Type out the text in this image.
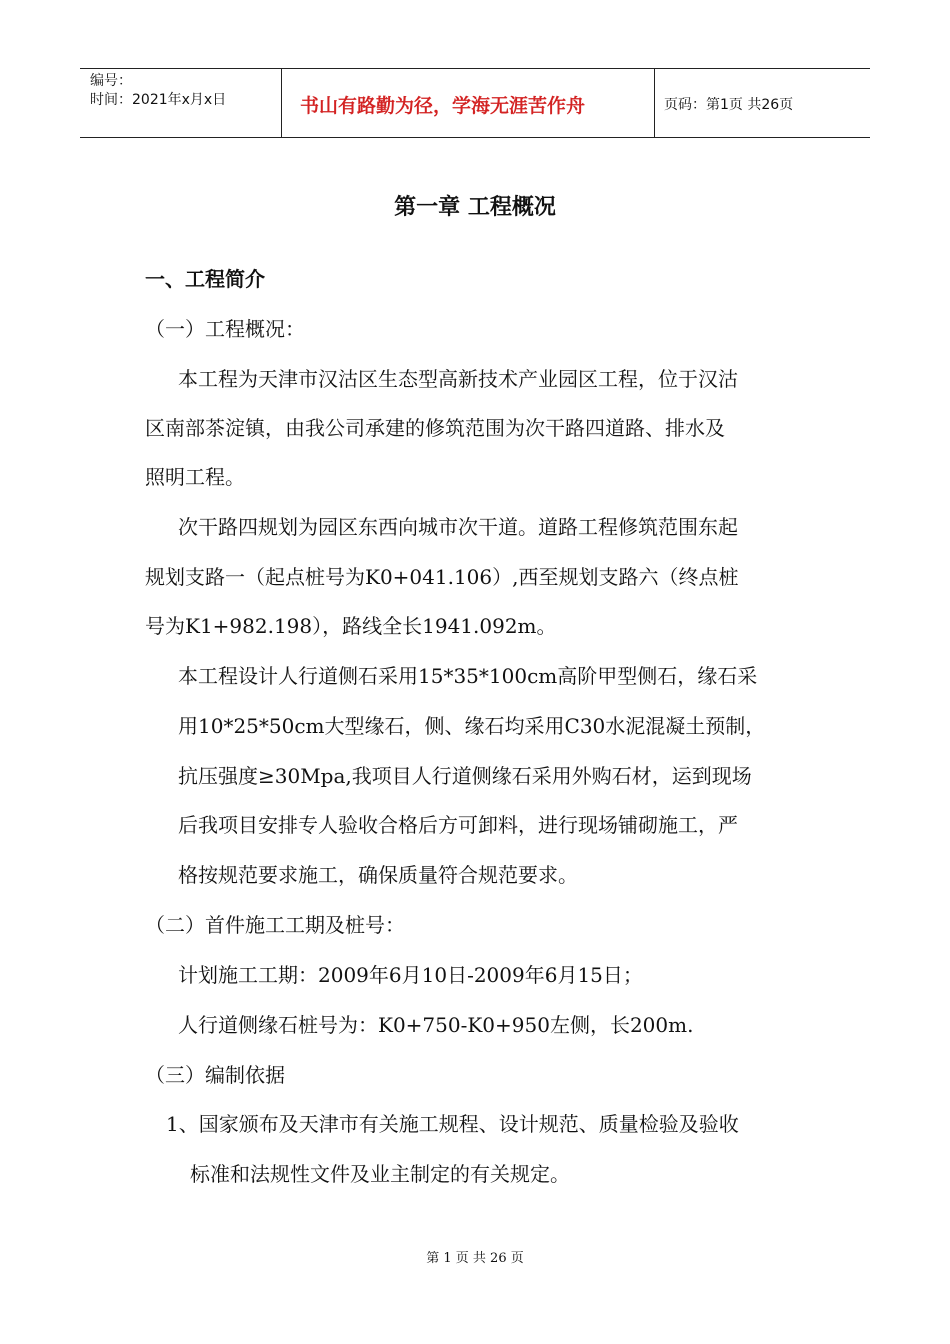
编号：
时间：2021年x月x日	书山有路勤为径，学海无涯苦作舟	页码：第1页 共26页
第一章 工程概况
一、工程简介
（一）工程概况：
本工程为天津市汉沽区生态型高新技术产业园区工程，位于汉沽
区南部茶淀镇，由我公司承建的修筑范围为次干路四道路、排水及
照明工程。
次干路四规划为园区东西向城市次干道。道路工程修筑范围东起
规划支路一（起点桩号为K0+041.106）,西至规划支路六（终点桩
号为K1+982.198），路线全长1941.092m。
本工程设计人行道侧石采用15*35*100cm高阶甲型侧石，缘石采
用10*25*50cm大型缘石，侧、缘石均采用C30水泥混凝土预制，
抗压强度≥30Mpa,我项目人行道侧缘石采用外购石材，运到现场
后我项目安排专人验收合格后方可卸料，进行现场铺砌施工，严
格按规范要求施工，确保质量符合规范要求。
（二）首件施工工期及桩号：
计划施工工期：2009年6月10日-2009年6月15日；
人行道侧缘石桩号为：K0+750-K0+950左侧，长200m.
（三）编制依据
1、国家颁布及天津市有关施工规程、设计规范、质量检验及验收
标准和法规性文件及业主制定的有关规定。
第 1 页 共 26 页
